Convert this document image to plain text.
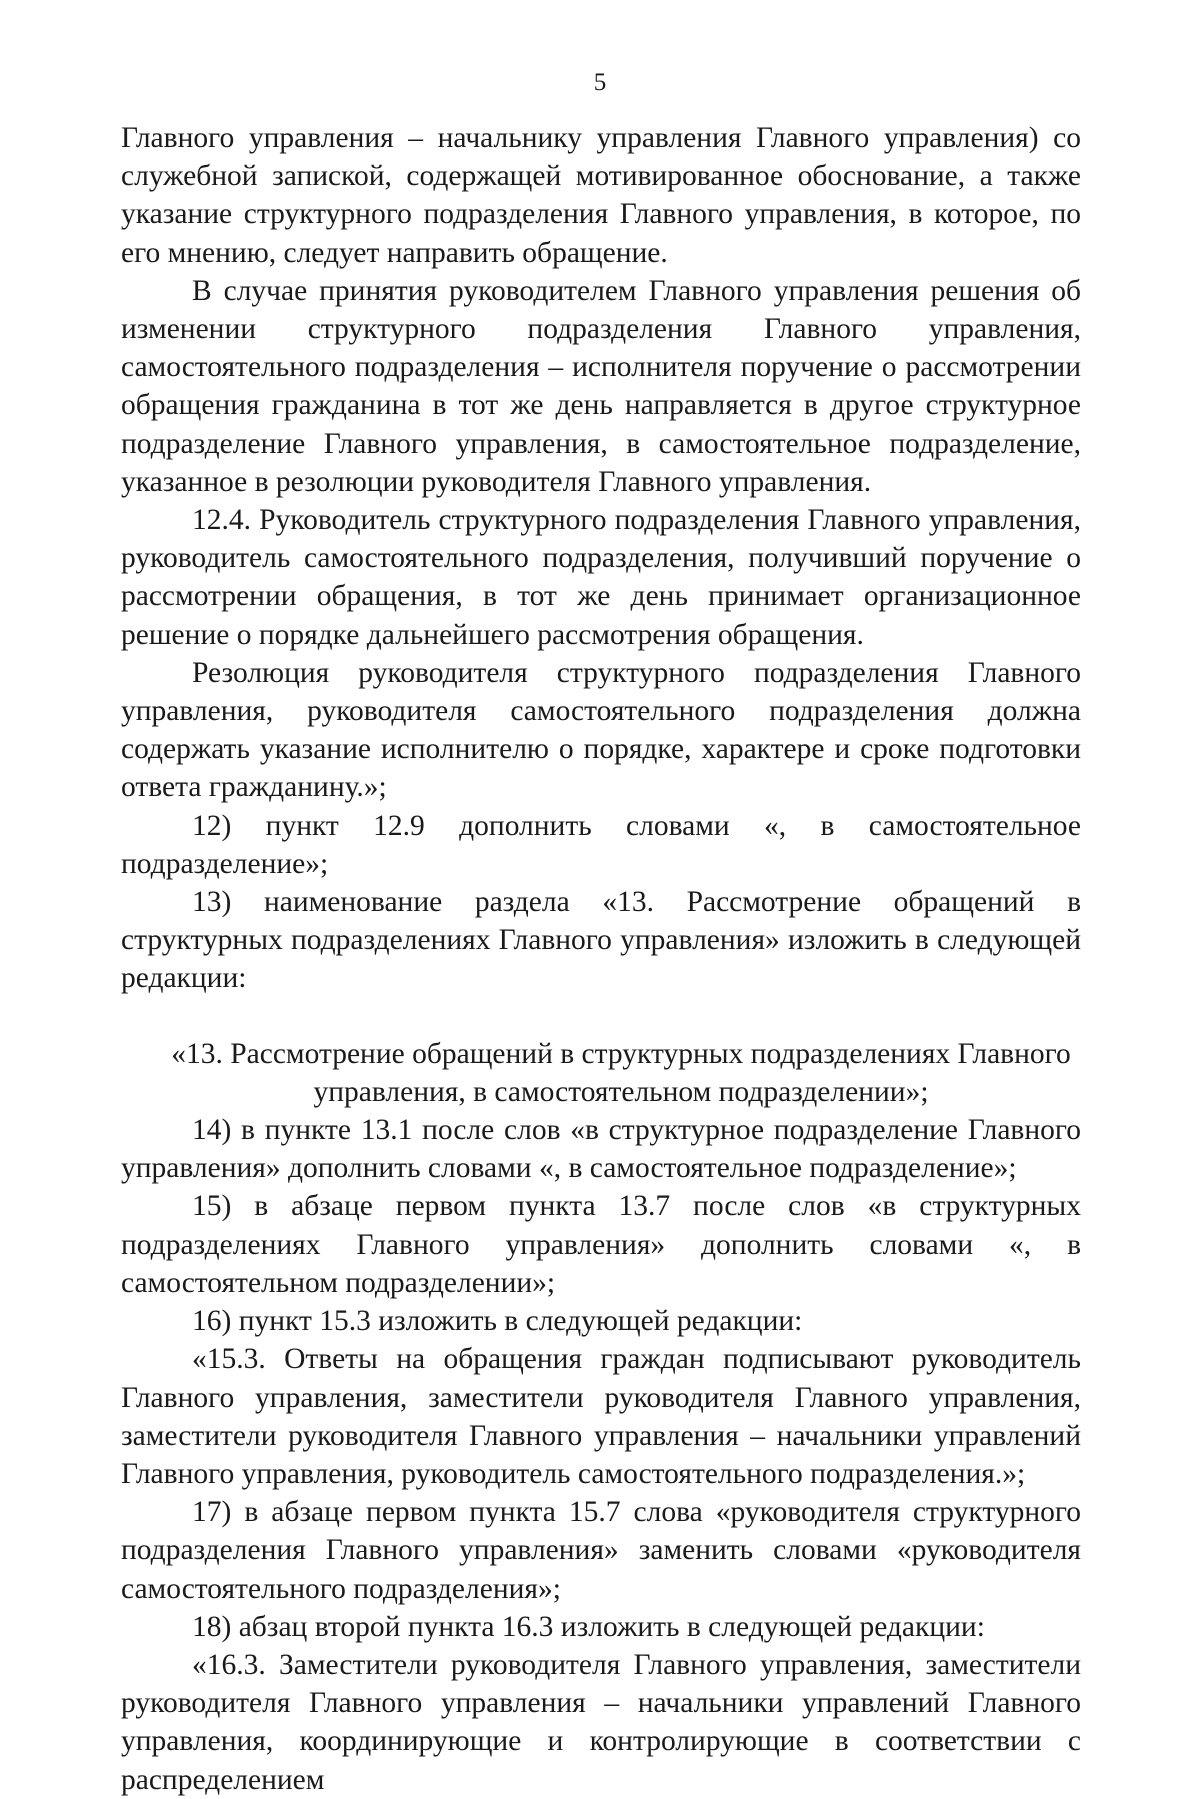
5

Главного управления – начальнику управления Главного управления) со служебной запиской, содержащей мотивированное обоснование, а также указание структурного подразделения Главного управления, в которое, по его мнению, следует направить обращение.

В случае принятия руководителем Главного управления решения об изменении структурного подразделения Главного управления, самостоятельного подразделения – исполнителя поручение о рассмотрении обращения гражданина в тот же день направляется в другое структурное подразделение Главного управления, в самостоятельное подразделение, указанное в резолюции руководителя Главного управления.

12.4. Руководитель структурного подразделения Главного управления, руководитель самостоятельного подразделения, получивший поручение о рассмотрении обращения, в тот же день принимает организационное решение о порядке дальнейшего рассмотрения обращения.

Резолюция руководителя структурного подразделения Главного управления, руководителя самостоятельного подразделения должна содержать указание исполнителю о порядке, характере и сроке подготовки ответа гражданину.»;

12) пункт 12.9 дополнить словами «, в самостоятельное подразделение»;

13) наименование раздела «13. Рассмотрение обращений в структурных подразделениях Главного управления» изложить в следующей редакции:

«13. Рассмотрение обращений в структурных подразделениях Главного
управления, в самостоятельном подразделении»;

14) в пункте 13.1 после слов «в структурное подразделение Главного управления» дополнить словами «, в самостоятельное подразделение»;

15) в абзаце первом пункта 13.7 после слов «в структурных подразделениях Главного управления» дополнить словами «, в самостоятельном подразделении»;

16) пункт 15.3 изложить в следующей редакции:

«15.3. Ответы на обращения граждан подписывают руководитель Главного управления, заместители руководителя Главного управления, заместители руководителя Главного управления – начальники управлений Главного управления, руководитель самостоятельного подразделения.»;

17) в абзаце первом пункта 15.7 слова «руководителя структурного подразделения Главного управления» заменить словами «руководителя самостоятельного подразделения»;

18) абзац второй пункта 16.3 изложить в следующей редакции:

«16.3. Заместители руководителя Главного управления, заместители руководителя Главного управления – начальники управлений Главного управления, координирующие и контролирующие в соответствии с распределением
